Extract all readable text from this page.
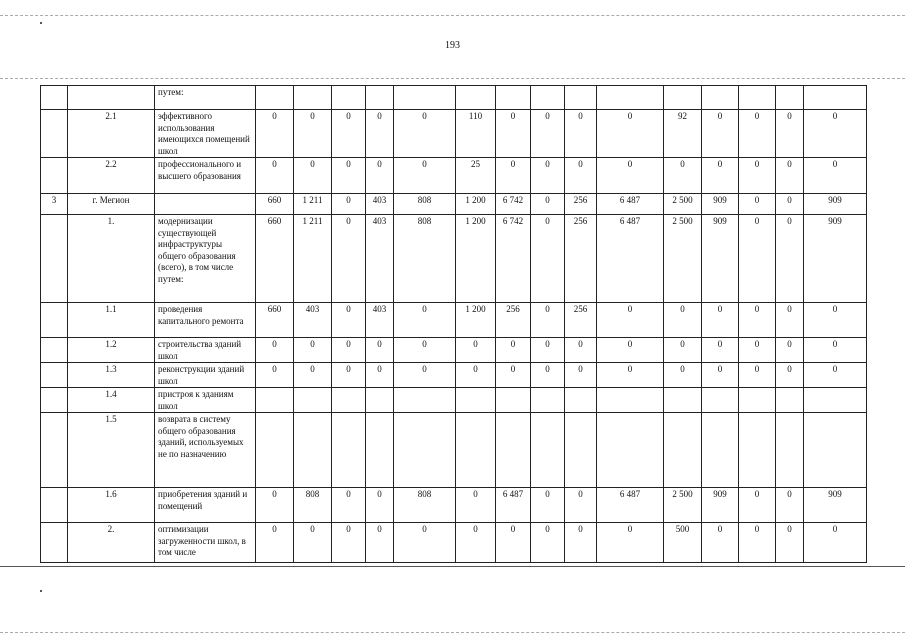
193
		путем:															
	2.1	эффективного использования имеющихся помещений школ	0	0	0	0	0	110	0	0	0	0	92	0	0	0	0
	2.2	профессионального и высшего образования	0	0	0	0	0	25	0	0	0	0	0	0	0	0	0
3	г. Мегион		660	1 211	0	403	808	1 200	6 742	0	256	6 487	2 500	909	0	0	909
	1.	модернизации существующей инфраструктуры общего образования (всего), в том числе путем:	660	1 211	0	403	808	1 200	6 742	0	256	6 487	2 500	909	0	0	909
	1.1	проведения капитального ремонта	660	403	0	403	0	1 200	256	0	256	0	0	0	0	0	0
	1.2	строительства зданий школ	0	0	0	0	0	0	0	0	0	0	0	0	0	0	0
	1.3	реконструкции зданий школ	0	0	0	0	0	0	0	0	0	0	0	0	0	0	0
	1.4	пристроя к зданиям школ															
	1.5	возврата в систему общего образования зданий, используемых не по назначению															
	1.6	приобретения зданий и помещений	0	808	0	0	808	0	6 487	0	0	6 487	2 500	909	0	0	909
	2.	оптимизации загруженности школ, в том числе	0	0	0	0	0	0	0	0	0	0	500	0	0	0	0
